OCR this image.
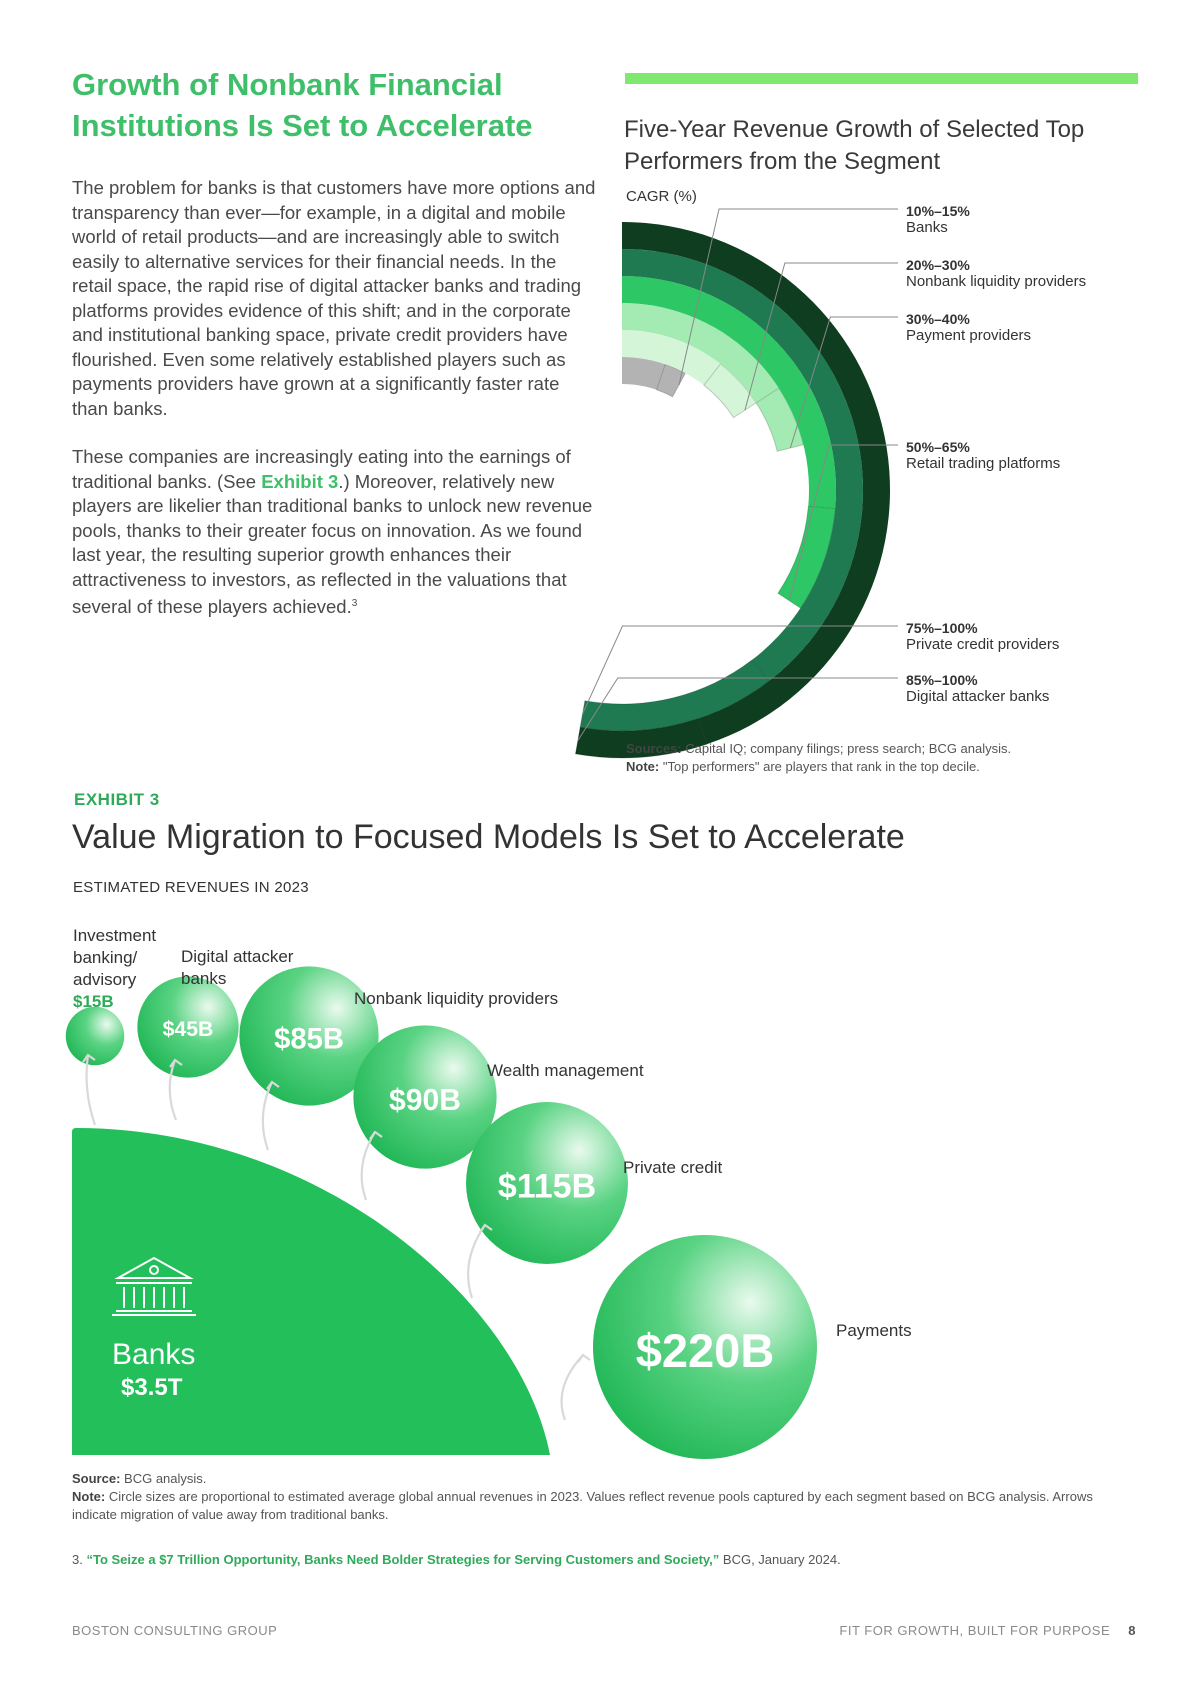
Growth of Nonbank Financial
Institutions Is Set to Accelerate

The problem for banks is that customers have more options and transparency than ever—for example, in a digital and mobile world of retail products—and are increasingly able to switch easily to alternative services for their financial needs. In the retail space, the rapid rise of digital attacker banks and trading platforms provides evidence of this shift; and in the corporate and institutional banking space, private credit providers have flourished. Even some relatively established players such as payments providers have grown at a significantly faster rate than banks.

These companies are increasingly eating into the earnings of traditional banks. (See Exhibit 3.) Moreover, relatively new players are likelier than traditional banks to unlock new revenue pools, thanks to their greater focus on innovation. As we found last year, the resulting superior growth enhances their attractiveness to investors, as reflected in the valuations that several of these players achieved.$^3$

Five-Year Revenue Growth of Selected Top
Performers from the Segment
CAGR (%)
10%–15%
Banks
20%–30%
Nonbank liquidity providers
30%–40%
Payment providers
50%–65%
Retail trading platforms
75%–100%
Private credit providers
85%–100%
Digital attacker banks
Sources: Capital IQ; company filings; press search; BCG analysis.
Note: "Top performers" are players that rank in the top decile.
EXHIBIT 3
Value Migration to Focused Models Is Set to Accelerate
ESTIMATED REVENUES IN 2023
$45B $85B
$90B
$115B
$220B
Banks
$3.5T
Investment
banking/
advisory
$15B
Digital attacker
banks
Nonbank liquidity providers
Wealth management
Private credit
Payments
Source: BCG analysis.
Note: Circle sizes are proportional to estimated average global annual revenues in 2023. Values reflect revenue pools captured by each segment based on BCG analysis. Arrows indicate migration of value away from traditional banks.
3. “To Seize a $7 Trillion Opportunity, Banks Need Bolder Strategies for Serving Customers and Society,” BCG, January 2024.
BOSTON CONSULTING GROUP	FIT FOR GROWTH, BUILT FOR PURPOSE 8
